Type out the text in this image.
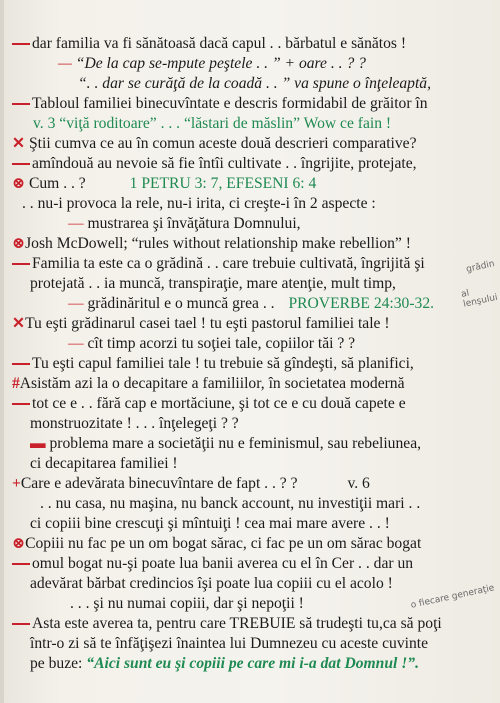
dar familia va fi sănătoasă dacă capul . . bărbatul e sănătos !
— “De la cap se-mpute peştele . . ” + oare . . ? ?
“. . dar se curăţă de la coadă . . ” va spune o înţeleaptă,
Tabloul familiei binecuvîntate e descris formidabil de grăitor în
v. 3 “viţă roditoare” . . . “lăstari de măslin” Wow ce fain !
✕ Ştii cumva ce au în comun aceste două descrieri comparative?
amîndouă au nevoie să fie întîi cultivate . . îngrijite, protejate,
⊗ Cum . . ?	1 PETRU 3: 7, EFESENI 6: 4
. . nu-i provoca la rele, nu-i irita, ci creşte-i în 2 aspecte :
— mustrarea şi învăţătura Domnului,
⊗Josh McDowell; “rules without relationship make rebellion” !
Familia ta este ca o grădină . . care trebuie cultivată, îngrijită şi
protejată . . ia muncă, transpiraţie, mare atenţie, mult timp,
— grădinăritul e o muncă grea . . PROVERBE 24:30-32.
✕Tu eşti grădinarul casei tael ! tu eşti pastorul familiei tale !
— cît timp acorzi tu soţiei tale, copiilor tăi ? ?
Tu eşti capul familiei tale ! tu trebuie să gîndeşti, să planifici,
#Asistăm azi la o decapitare a familiilor, în societatea modernă
tot ce e . . fără cap e mortăciune, şi tot ce e cu două capete e
monstruozitate ! . . . înţelegeţi ? ?
▬ problema mare a societăţii nu e feminismul, sau rebeliunea,
ci decapitarea familiei !
+Care e adevărata binecuvîntare de fapt . . ? ?	v. 6
. . nu casa, nu maşina, nu banck account, nu investiţii mari . .
ci copiii bine crescuţi şi mîntuiţi ! cea mai mare avere . . !
⊗Copiii nu fac pe un om bogat sărac, ci fac pe un om sărac bogat
omul bogat nu-şi poate lua banii averea cu el în Cer . . dar un
adevărat bărbat credincios îşi poate lua copiii cu el acolo !
. . . şi nu numai copiii, dar şi nepoţii !
Asta este averea ta, pentru care TREBUIE să trudeşti tu,ca să poţi
într-o zi să te înfăţişezi înaintea lui Dumnezeu cu aceste cuvinte
pe buze: “Aici sunt eu şi copiii pe care mi i-a dat Domnul !”.
grădin
al lenşului
o fiecare generaţie
